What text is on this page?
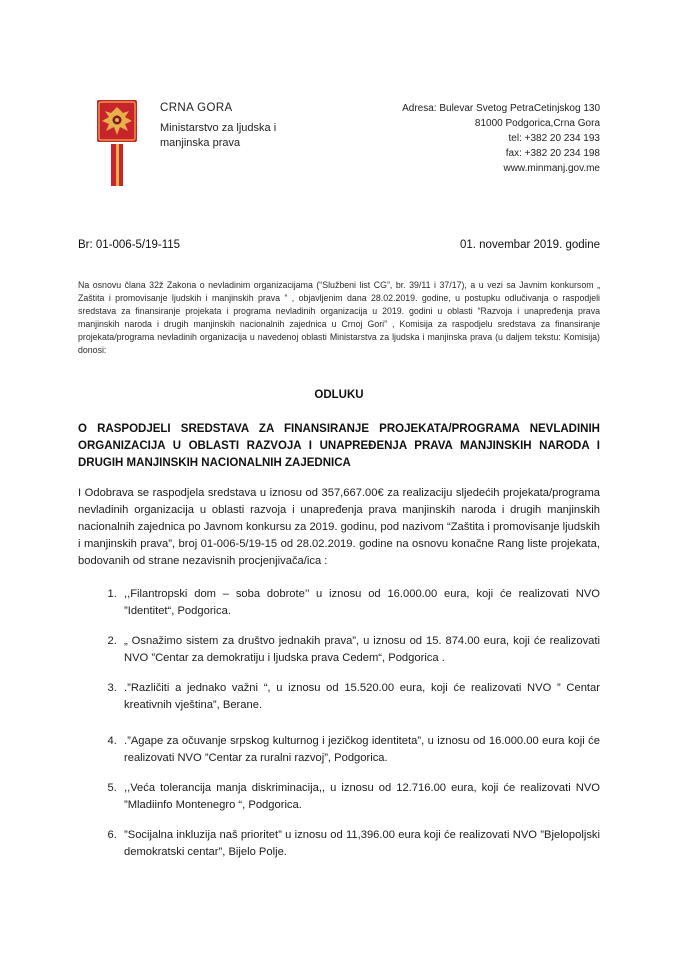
CRNA GORA
Ministarstvo za ljudska i
manjinska prava
Adresa: Bulevar Svetog PetraCetinjskog 130
81000 Podgorica,Crna Gora
tel: +382 20 234 193
fax: +382 20 234 198
www.minmanj.gov.me
Br: 01-006-5/19-115	01. novembar 2019. godine

Na osnovu člana 32ž Zakona o nevladinim organizacijama (“Službeni list CG”, br. 39/11 i 37/17), a u vezi sa Javnim konkursom „ Zaštita i promovisanje ljudskih i manjinskih prava ” , objavljenim dana 28.02.2019. godine, u postupku odlučivanja o raspodjeli sredstava za finansiranje projekata i programa nevladinih organizacija u 2019. godini u oblasti “Razvoja i unapređenja prava manjinskih naroda i drugih manjinskih nacionalnih zajednica u Crnoj Gori” , Komisija za raspodjelu sredstava za finansiranje projekata/programa nevladinih organizacija u navedenoj oblasti Ministarstva za ljudska i manjinska prava (u daljem tekstu: Komisija) donosi:

ODLUKU
O RASPODJELI SREDSTAVA ZA FINANSIRANJE PROJEKATA/PROGRAMA NEVLADINIH ORGANIZACIJA U OBLASTI RAZVOJA I UNAPREĐENJA PRAVA MANJINSKIH NARODA I DRUGIH MANJINSKIH NACIONALNIH ZAJEDNICA

I Odobrava se raspodjela sredstava u iznosu od 357,667.00€ za realizaciju sljedećih projekata/programa nevladinih organizacija u oblasti razvoja i unapređenja prava manjinskih naroda i drugih manjinskih nacionalnih zajednica po Javnom konkursu za 2019. godinu, pod nazivom “Zaštita i promovisanje ljudskih i manjinskih prava”, broj 01-006-5/19-15 od 28.02.2019. godine na osnovu konačne Rang liste projekata, bodovanih od strane nezavisnih procjenjivača/ica :

1. ,,Filantropski dom – soba dobrote’’ u iznosu od 16.000.00 eura, koji će realizovati NVO ”Identitet“, Podgorica.
2. „ Osnažimo sistem za društvo jednakih prava”, u iznosu od 15. 874.00 eura, koji će realizovati NVO ”Centar za demokratiju i ljudska prava Cedem“, Podgorica .
3. .”Različiti a jednako važni “, u iznosu od 15.520.00 eura, koji će realizovati NVO ” Centar kreativnih vještina”, Berane.
4. .”Agape za očuvanje srpskog kulturnog i jezičkog identiteta”, u iznosu od 16.000.00 eura koji će realizovati NVO ”Centar za ruralni razvoj”, Podgorica.
5. ,,Veća tolerancija manja diskriminacija,, u iznosu od 12.716.00 eura, koji će realizovati NVO ”Mladiinfo Montenegro “, Podgorica.
6. ”Socijalna inkluzija naš prioritet” u iznosu od 11,396.00 eura koji će realizovati NVO ”Bjelopoljski demokratski centar”, Bijelo Polje.
